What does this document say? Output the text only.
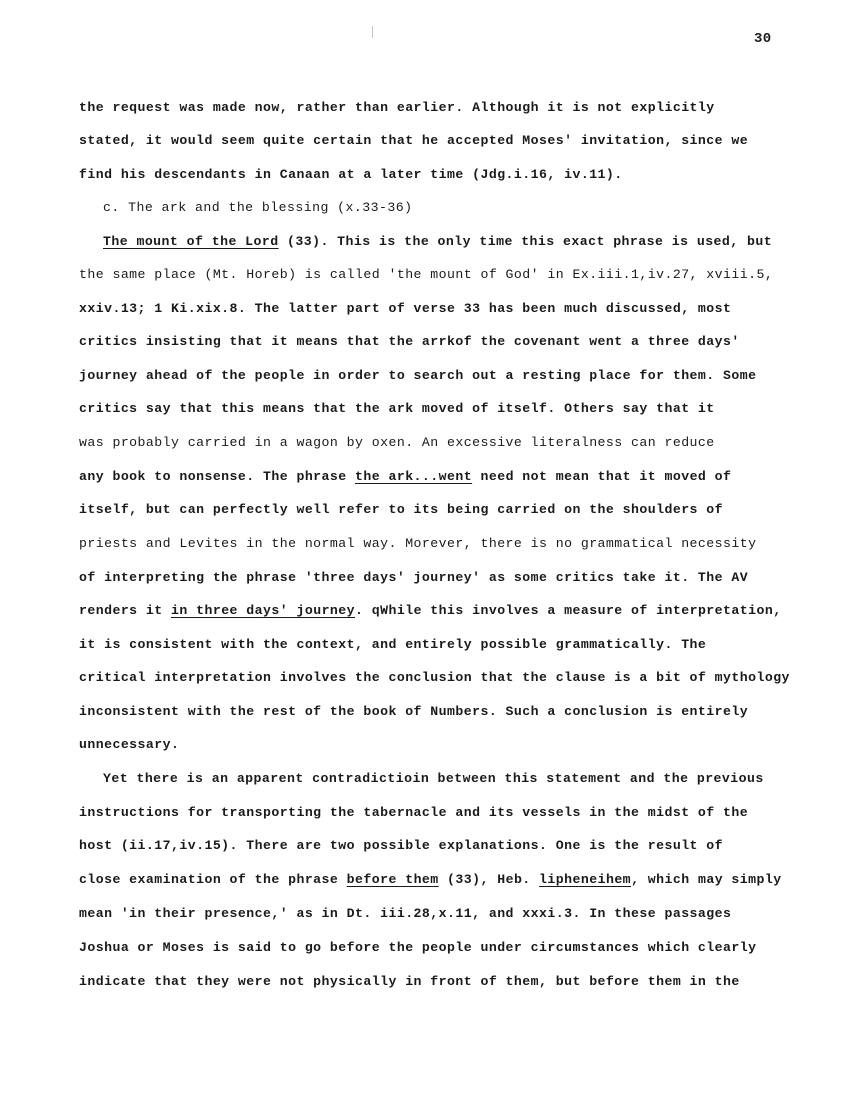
30
the request was made now, rather than earlier. Although it is not explicitly
stated, it would seem quite certain that he accepted Moses' invitation, since we
find his descendants in Canaan at a later time (Jdg.i.16, iv.11).
c. The ark and the blessing (x.33-36)
The mount of the Lord (33). This is the only time this exact phrase is used, but
the same place (Mt. Horeb) is called 'the mount of God' in Ex.iii.1,iv.27, xviii.5,
xxiv.13; 1 Ki.xix.8. The latter part of verse 33 has been much discussed, most
critics insisting that it means that the arrkof the covenant went a three days'
journey ahead of the people in order to search out a resting place for them. Some
critics say that this means that the ark moved of itself. Others say that it
was probably carried in a wagon by oxen. An excessive literalness can reduce
any book to nonsense. The phrase the ark...went need not mean that it moved of
itself, but can perfectly well refer to its being carried on the shoulders of
priests and Levites in the normal way. Morever, there is no grammatical necessity
of interpreting the phrase 'three days' journey' as some critics take it. The AV
renders it in three days' journey. qWhile this involves a measure of interpretation,
it is consistent with the context, and entirely possible grammatically. The
critical interpretation involves the conclusion that the clause is a bit of mythology
inconsistent with the rest of the book of Numbers. Such a conclusion is entirely
unnecessary.
Yet there is an apparent contradictioin between this statement and the previous
instructions for transporting the tabernacle and its vessels in the midst of the
host (ii.17,iv.15). There are two possible explanations. One is the result of
close examination of the phrase before them (33), Heb. lipheneihem, which may simply
mean 'in their presence,' as in Dt. iii.28,x.11, and xxxi.3. In these passages
Joshua or Moses is said to go before the people under circumstances which clearly
indicate that they were not physically in front of them, but before them in the
